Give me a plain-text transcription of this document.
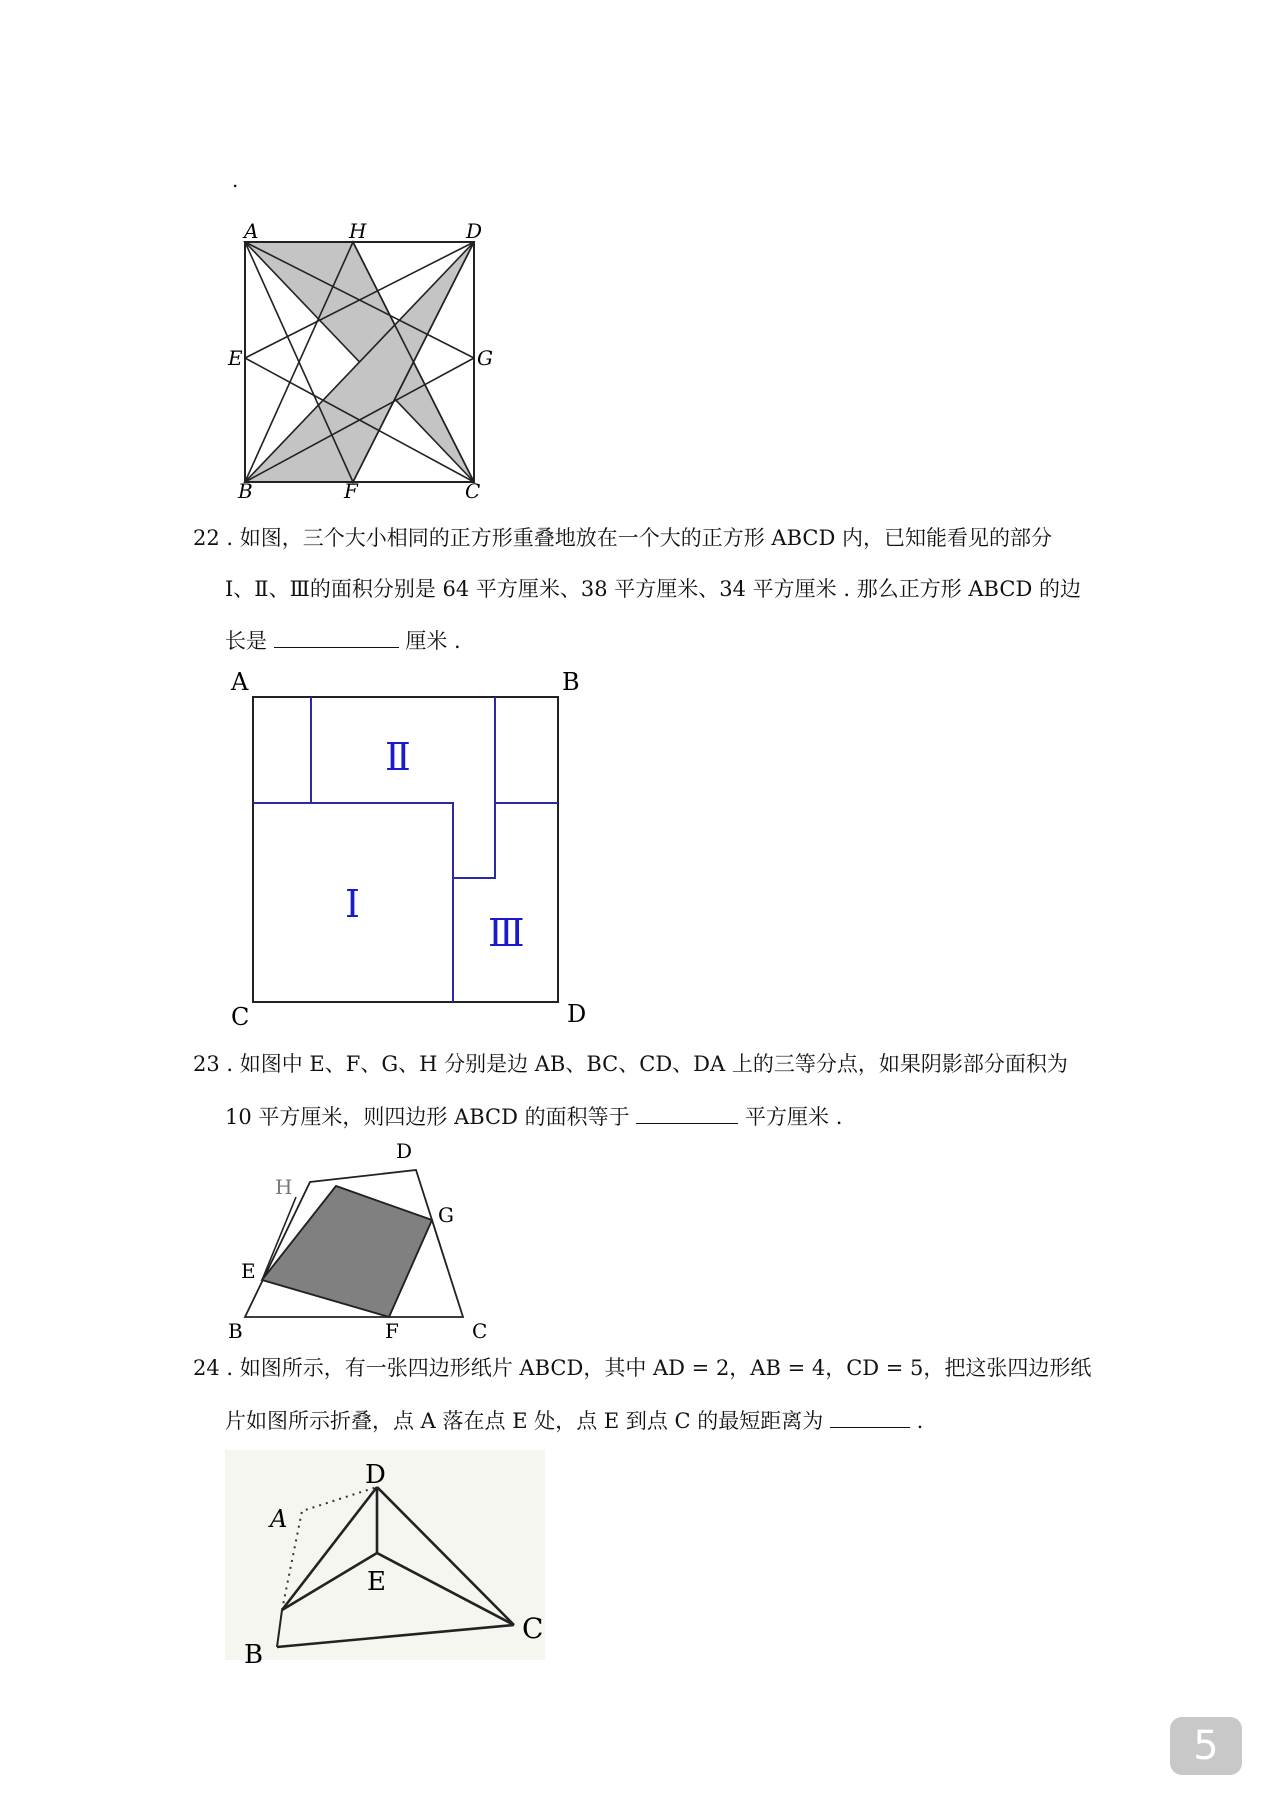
.
A	H	D
E	G
B	F	C
22 . 如图，三个大小相同的正方形重叠地放在一个大的正方形 ABCD 内，已知能看见的部分
Ⅰ、Ⅱ、Ⅲ的面积分别是 64 平方厘米、38 平方厘米、34 平方厘米 . 那么正方形 ABCD 的边
长是	厘米 .
Ⅱ
Ⅰ
Ⅲ
A	B
C	D
23 . 如图中 E、F、G、H 分别是边 AB、BC、CD、DA 上的三等分点，如果阴影部分面积为
10 平方厘米，则四边形 ABCD 的面积等于	平方厘米 .
H
D
G
E
B	F	C
24 . 如图所示，有一张四边形纸片 ABCD，其中 AD = 2，AB = 4，CD = 5，把这张四边形纸
片如图所示折叠，点 A 落在点 E 处，点 E 到点 C 的最短距离为	.
D
A
E
B
C
5
